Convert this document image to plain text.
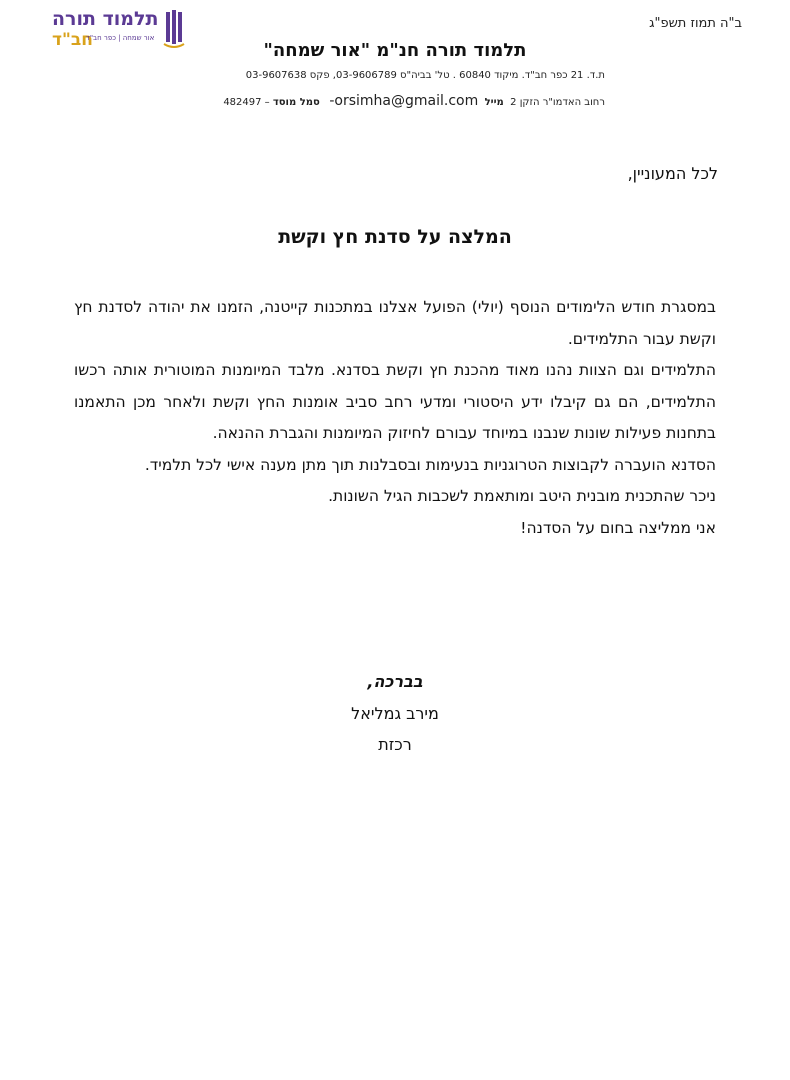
ב"ה תמוז תשפ"ג
תלמוד תורה
חב"ד
אור שמחה | כפר חב"ד
תלמוד תורה חנ"מ "אור שמחה"
ת.ד. 21 כפר חב"ד. מיקוד 60840 . טל' בביה"ס 03-9606789, פקס 03-9607638
רחוב האדמו"ר הזקן 2  מייל  orsimha@gmail.com-   סמל מוסד – 482497
לכל המעוניין,
המלצה על סדנת חץ וקשת

במסגרת חודש הלימודים הנוסף (יולי) הפועל אצלנו במתכנות קייטנה, הזמנו את יהודה לסדנת חץ וקשת עבור התלמידים.

התלמידים וגם הצוות נהנו מאוד מהכנת חץ וקשת בסדנא. מלבד המיומנות המוטורית אותה רכשו התלמידים, הם גם קיבלו ידע היסטורי ומדעי רחב סביב אומנות החץ וקשת ולאחר מכן התאמנו בתחנות פעילות שונות שנבנו במיוחד עבורם לחיזוק המיומנות והגברת ההנאה.

הסדנא הועברה לקבוצות הטרוגניות בנעימות ובסבלנות תוך מתן מענה אישי לכל תלמיד.

ניכר שהתכנית מובנית היטב ומותאמת לשכבות הגיל השונות.

אני ממליצה בחום על הסדנה!

בברכה,
מירב גמליאל
רכזת
